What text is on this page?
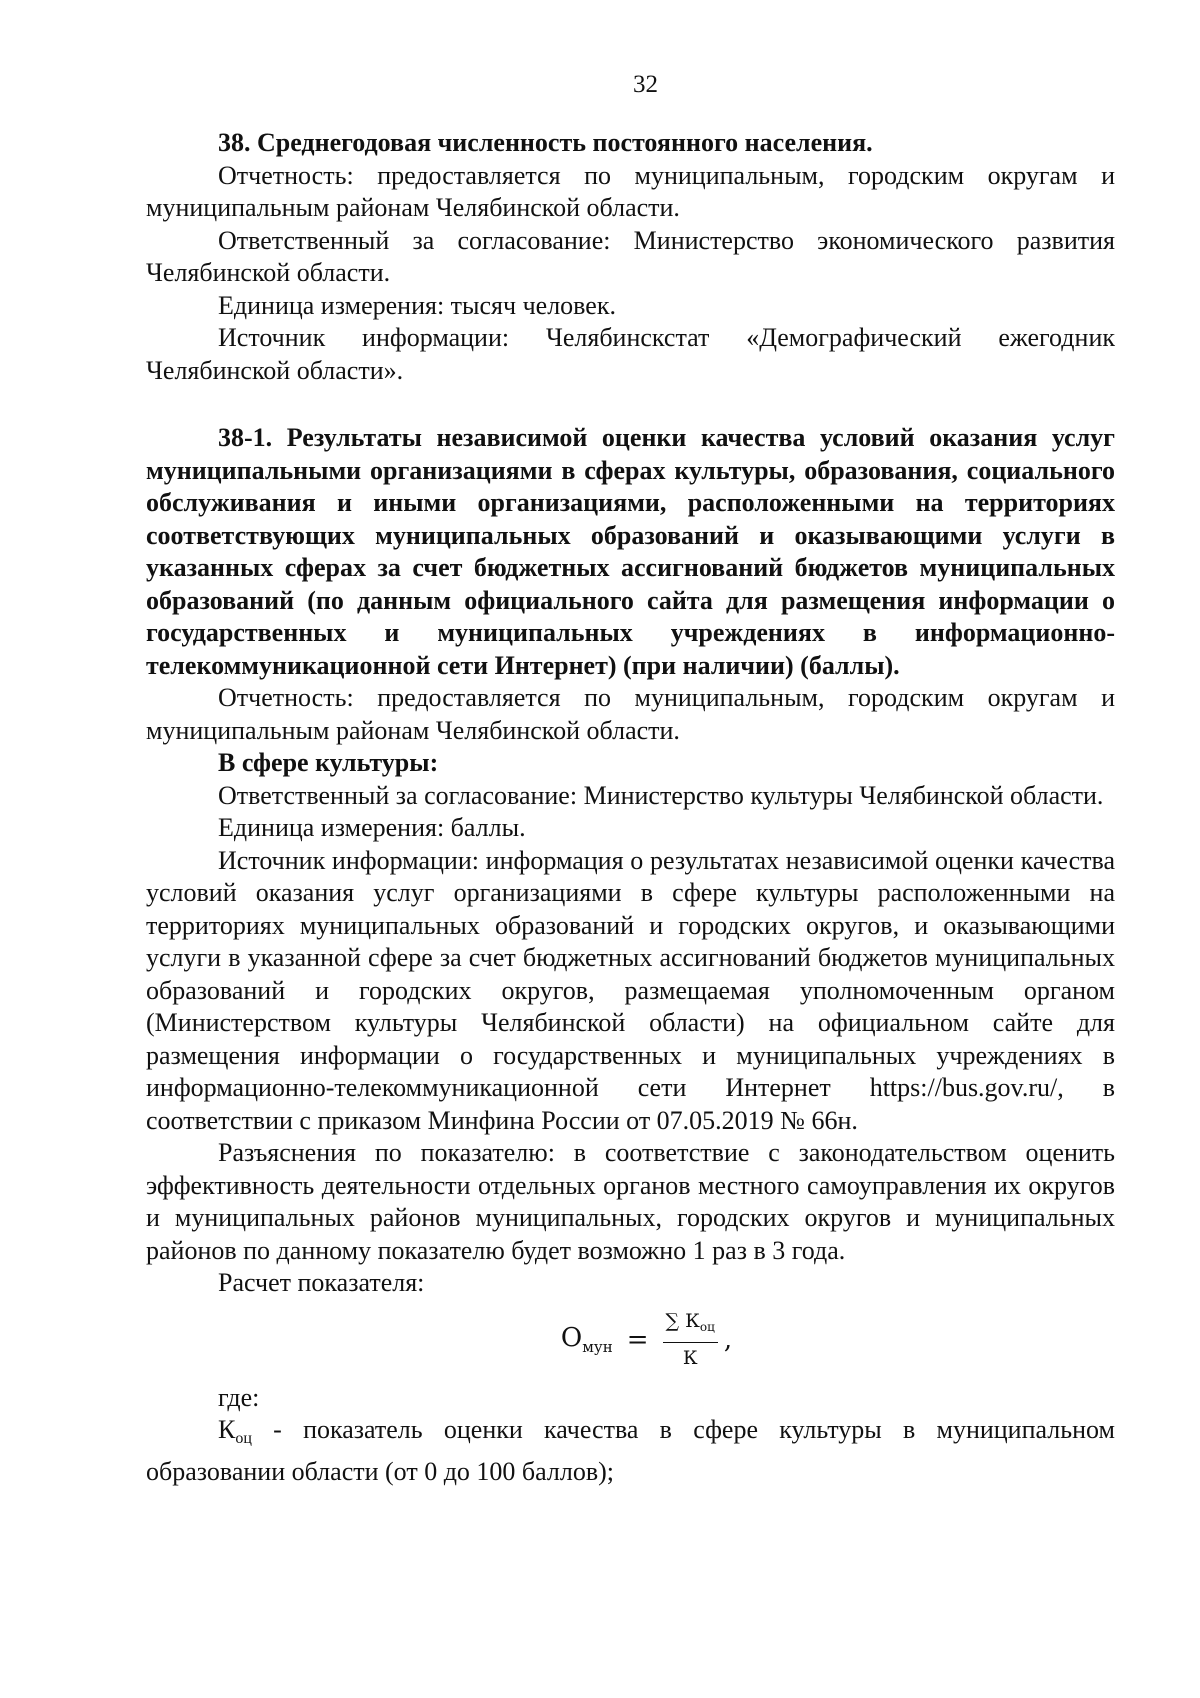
32

38. Среднегодовая численность постоянного населения.

Отчетность: предоставляется по муниципальным, городским округам и муниципальным районам Челябинской области.

Ответственный за согласование: Министерство экономического развития Челябинской области.

Единица измерения: тысяч человек.

Источник информации: Челябинскстат «Демографический ежегодник Челябинской области».

38-1. Результаты независимой оценки качества условий оказания услуг муниципальными организациями в сферах культуры, образования, социального обслуживания и иными организациями, расположенными на территориях соответствующих муниципальных образований и оказывающими услуги в указанных сферах за счет бюджетных ассигнований бюджетов муниципальных образований (по данным официального сайта для размещения информации о государственных и муниципальных учреждениях в информационно-телекоммуникационной сети Интернет) (при наличии) (баллы).

Отчетность: предоставляется по муниципальным, городским округам и муниципальным районам Челябинской области.

В сфере культуры:

Ответственный за согласование: Министерство культуры Челябинской области.

Единица измерения: баллы.

Источник информации: информация о результатах независимой оценки качества условий оказания услуг организациями в сфере культуры расположенными на территориях муниципальных образований и городских округов, и оказывающими услуги в указанной сфере за счет бюджетных ассигнований бюджетов муниципальных образований и городских округов, размещаемая уполномоченным органом (Министерством культуры Челябинской области) на официальном сайте для размещения информации о государственных и муниципальных учреждениях в информационно-телекоммуникационной сети Интернет https://bus.gov.ru/, в соответствии с приказом Минфина России от 07.05.2019 № 66н.

Разъяснения по показателю: в соответствие с законодательством оценить эффективность деятельности отдельных органов местного самоуправления их округов и муниципальных районов муниципальных, городских округов и муниципальных районов по данному показателю будет возможно 1 раз в 3 года.

Расчет показателя:

$О_{мун} = \frac{\sum К_{оц}}{К}$ ,

где:

$К_{оц}$ - показатель оценки качества в сфере культуры в муниципальном образовании области (от 0 до 100 баллов);
